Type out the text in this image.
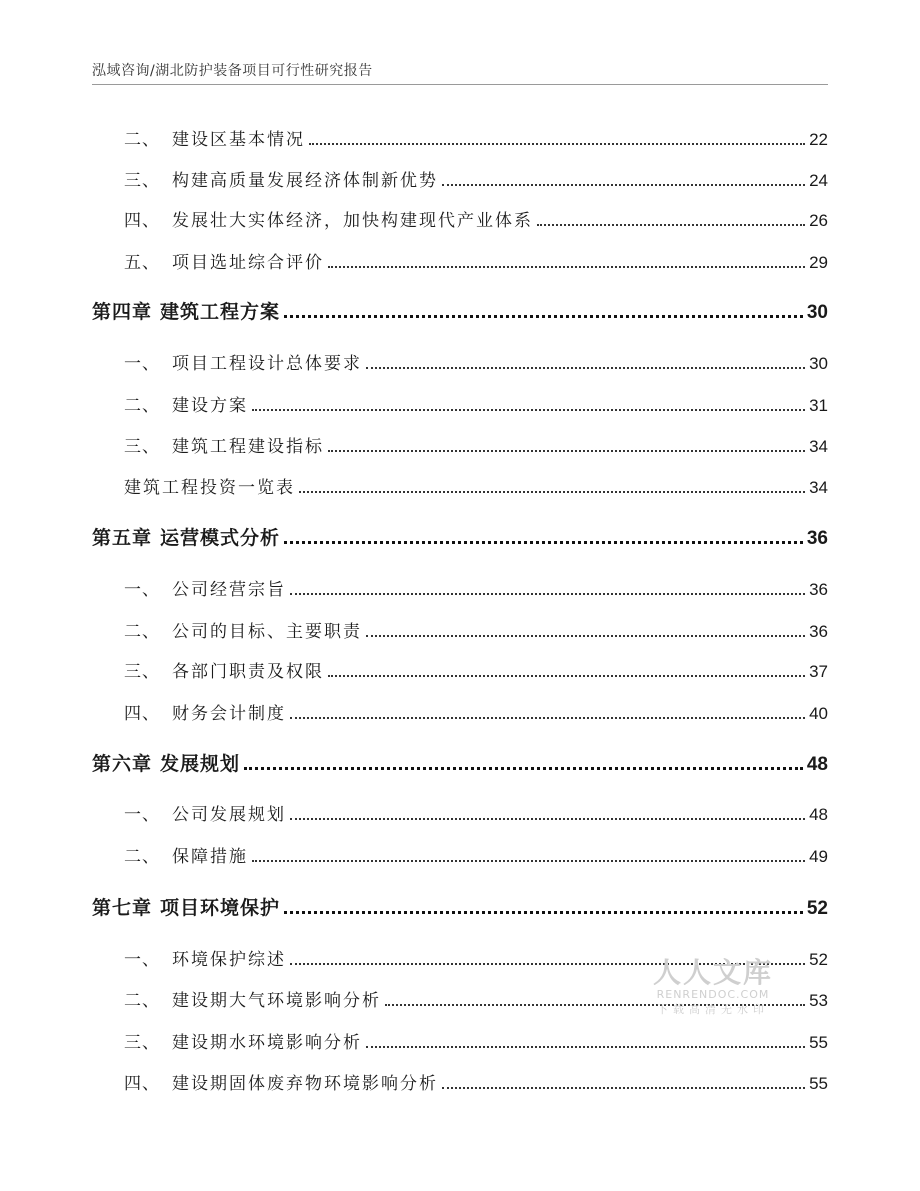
泓域咨询/湖北防护装备项目可行性研究报告
二、 建设区基本情况	22
三、 构建高质量发展经济体制新优势	24
四、 发展壮大实体经济，加快构建现代产业体系	26
五、 项目选址综合评价	29
第四章 建筑工程方案	30
一、 项目工程设计总体要求	30
二、 建设方案	31
三、 建筑工程建设指标	34
建筑工程投资一览表	34
第五章 运营模式分析	36
一、 公司经营宗旨	36
二、 公司的目标、主要职责	36
三、 各部门职责及权限	37
四、 财务会计制度	40
第六章 发展规划	48
一、 公司发展规划	48
二、 保障措施	49
第七章 项目环境保护	52
一、 环境保护综述	52
二、 建设期大气环境影响分析	53
三、 建设期水环境影响分析	55
四、 建设期固体废弃物环境影响分析	55
人人文库
RENRENDOC.COM
下载高清无水印
